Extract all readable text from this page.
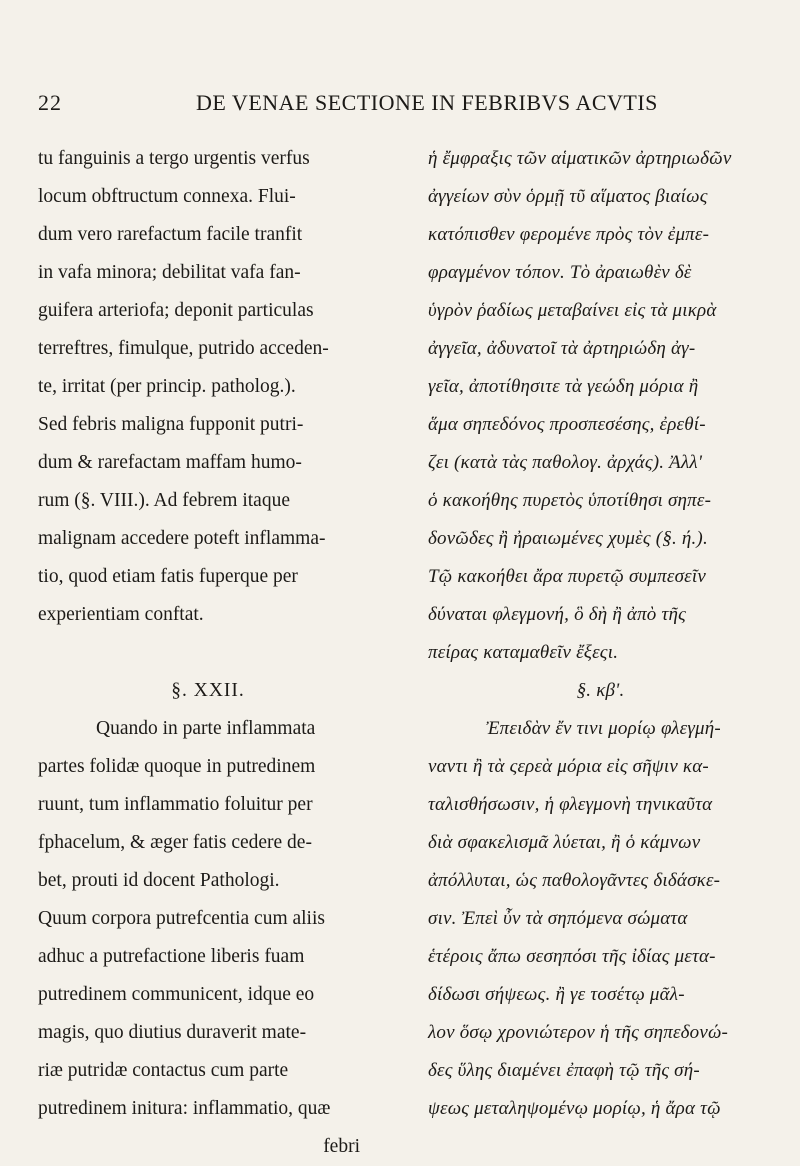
22	DE VENAE SECTIONE IN FEBRIBVS ACVTIS
tu fanguinis a tergo urgentis verfus
locum obftructum connexa. Flui-
dum vero rarefactum facile tranfit
in vafa minora; debilitat vafa fan-
guifera arteriofa; deponit particulas
terreftres, fimulque, putrido acceden-
te, irritat (per princip. patholog.).
Sed febris maligna fupponit putri-
dum & rarefactam maffam humo-
rum (§. VIII.). Ad febrem itaque
malignam accedere poteft inflamma-
tio, quod etiam fatis fuperque per
experientiam conftat.
§. XXII.
Quando in parte inflammata
partes folidæ quoque in putredinem
ruunt, tum inflammatio foluitur per
fphacelum, & æger fatis cedere de-
bet, prouti id docent Pathologi.
Quum corpora putrefcentia cum aliis
adhuc a putrefactione liberis fuam
putredinem communicent, idque eo
magis, quo diutius duraverit mate-
riæ putridæ contactus cum parte
putredinem initura: inflammatio, quæ
febri
ἡ ἔμφραξις τῶν αἱματικῶν ἀρτηριωδῶν
ἀγγείων σὺν ὁρμῇ τῦ αἵματος βιαίως
κατόπισθεν φερομένε πρὸς τὸν ἐμπε-
φραγμένον τόπον. Τὸ ἀραιωθὲν δὲ
ὑγρὸν ῥαδίως μεταβαίνει εἰς τὰ μικρὰ
ἀγγεῖα, ἀδυνατοῖ τὰ ἀρτηριώδη ἀγ-
γεῖα, ἀποτίθησιτε τὰ γεώδη μόρια ἢ
ἅμα σηπεδόνος προσπεσέσης, ἐρεθί-
ζει (κατὰ τὰς παθολογ. ἀρχάς). Ἀλλ'
ὁ κακοήθης πυρετὸς ὑποτίθησι σηπε-
δονῶδες ἢ ἠραιωμένες χυμὲς (§. ή.).
Τῷ κακοήθει ἄρα πυρετῷ συμπεσεῖν
δύναται φλεγμονή, ὃ δὴ ἢ ἀπὸ τῆς
πείρας καταμαθεῖν ἔξεςι.
§. κβ'.
Ἐπειδὰν ἔν τινι μορίῳ φλεγμή-
ναντι ἢ τὰ ςερεὰ μόρια εἰς σῆψιν κα-
ταλισθήσωσιν, ἡ φλεγμονὴ τηνικαῦτα
διὰ σφακελισμᾶ λύεται, ἢ ὁ κάμνων
ἀπόλλυται, ὡς παθολογᾶντες διδάσκε-
σιν. Ἐπεὶ ὖν τὰ σηπόμενα σώματα
ἑτέροις ἄπω σεσηπόσι τῆς ἰδίας μετα-
δίδωσι σήψεως. ἢ γε τοσέτῳ μᾶλ-
λον ὅσῳ χρονιώτερον ἡ τῆς σηπεδονώ-
δες ὕλης διαμένει ἐπαφὴ τῷ τῆς σή-
ψεως μεταληψομένῳ μορίῳ, ἡ ἄρα τῷ
